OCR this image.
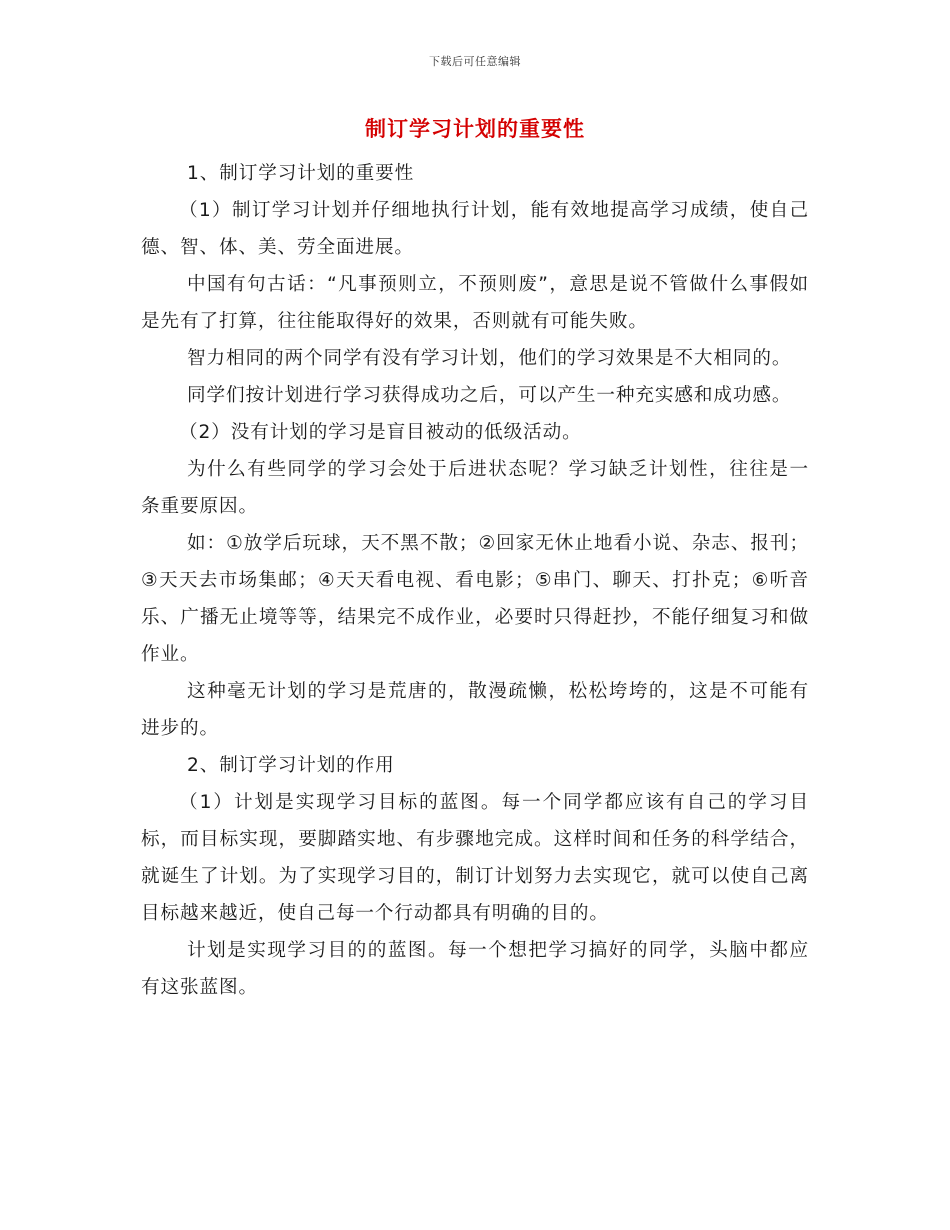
下载后可任意编辑
制订学习计划的重要性

1、制订学习计划的重要性

（1）制订学习计划并仔细地执行计划，能有效地提高学习成绩，使自己德、智、体、美、劳全面进展。

中国有句古话：“凡事预则立，不预则废”，意思是说不管做什么事假如是先有了打算，往往能取得好的效果，否则就有可能失败。

智力相同的两个同学有没有学习计划，他们的学习效果是不大相同的。

同学们按计划进行学习获得成功之后，可以产生一种充实感和成功感。

（2）没有计划的学习是盲目被动的低级活动。

为什么有些同学的学习会处于后进状态呢？学习缺乏计划性，往往是一条重要原因。

如：①放学后玩球，天不黑不散；②回家无休止地看小说、杂志、报刊；③天天去市场集邮；④天天看电视、看电影；⑤串门、聊天、打扑克；⑥听音乐、广播无止境等等，结果完不成作业，必要时只得赶抄，不能仔细复习和做作业。

这种毫无计划的学习是荒唐的，散漫疏懒，松松垮垮的，这是不可能有进步的。

2、制订学习计划的作用

（1）计划是实现学习目标的蓝图。每一个同学都应该有自己的学习目标，而目标实现，要脚踏实地、有步骤地完成。这样时间和任务的科学结合，就诞生了计划。为了实现学习目的，制订计划努力去实现它，就可以使自己离目标越来越近，使自己每一个行动都具有明确的目的。

计划是实现学习目的的蓝图。每一个想把学习搞好的同学，头脑中都应有这张蓝图。
